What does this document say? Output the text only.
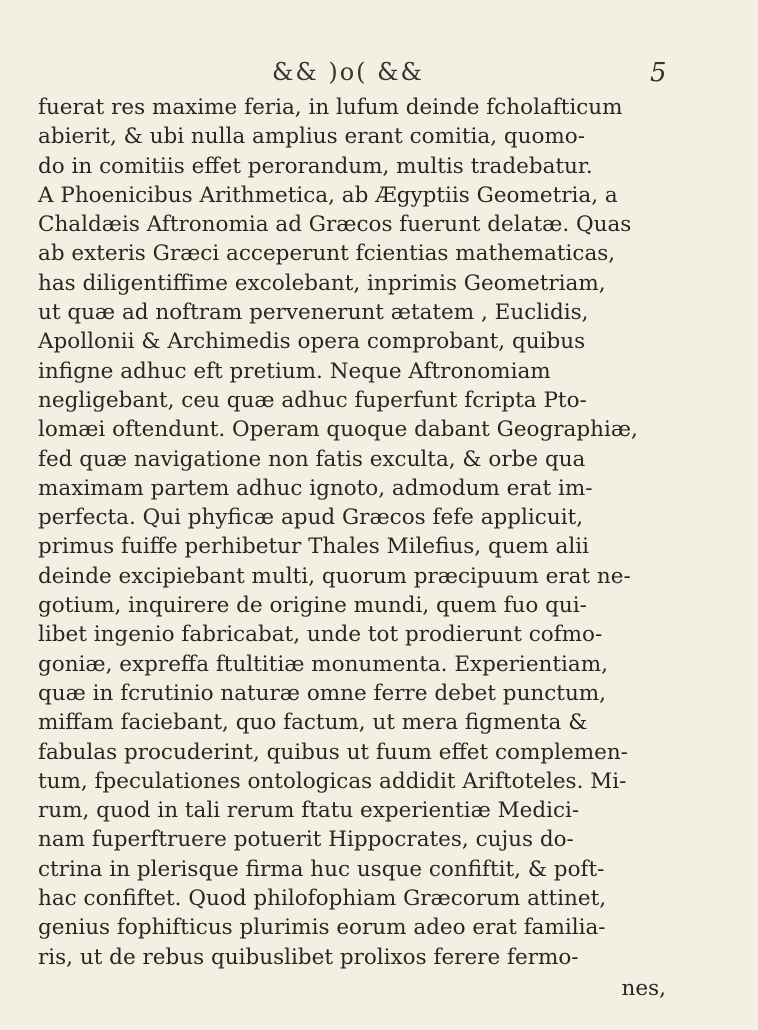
&& )o( &&	5
fuerat res maxime feria, in lufum deinde fcholafticum
abierit, & ubi nulla amplius erant comitia, quomo-
do in comitiis effet perorandum, multis tradebatur.
A Phoenicibus Arithmetica, ab Ægyptiis Geometria, a
Chaldæis Aftronomia ad Græcos fuerunt delatæ. Quas
ab exteris Græci acceperunt fcientias mathematicas,
has diligentiffime excolebant, inprimis Geometriam,
ut quæ ad noftram pervenerunt ætatem , Euclidis,
Apollonii & Archimedis opera comprobant, quibus
infigne adhuc eft pretium. Neque Aftronomiam
negligebant, ceu quæ adhuc fuperfunt fcripta Pto-
lomæi oftendunt. Operam quoque dabant Geographiæ,
fed quæ navigatione non fatis exculta, & orbe qua
maximam partem adhuc ignoto, admodum erat im-
perfecta. Qui phyficæ apud Græcos fefe applicuit,
primus fuiffe perhibetur Thales Milefius, quem alii
deinde excipiebant multi, quorum præcipuum erat ne-
gotium, inquirere de origine mundi, quem fuo qui-
libet ingenio fabricabat, unde tot prodierunt cofmo-
goniæ, expreffa ftultitiæ monumenta. Experientiam,
quæ in fcrutinio naturæ omne ferre debet punctum,
miffam faciebant, quo factum, ut mera figmenta &
fabulas procuderint, quibus ut fuum effet complemen-
tum, fpeculationes ontologicas addidit Ariftoteles. Mi-
rum, quod in tali rerum ftatu experientiæ Medici-
nam fuperftruere potuerit Hippocrates, cujus do-
ctrina in plerisque firma huc usque confiftit, & poft-
hac confiftet. Quod philofophiam Græcorum attinet,
genius fophifticus plurimis eorum adeo erat familia-
ris, ut de rebus quibuslibet prolixos ferere fermo-
nes,
